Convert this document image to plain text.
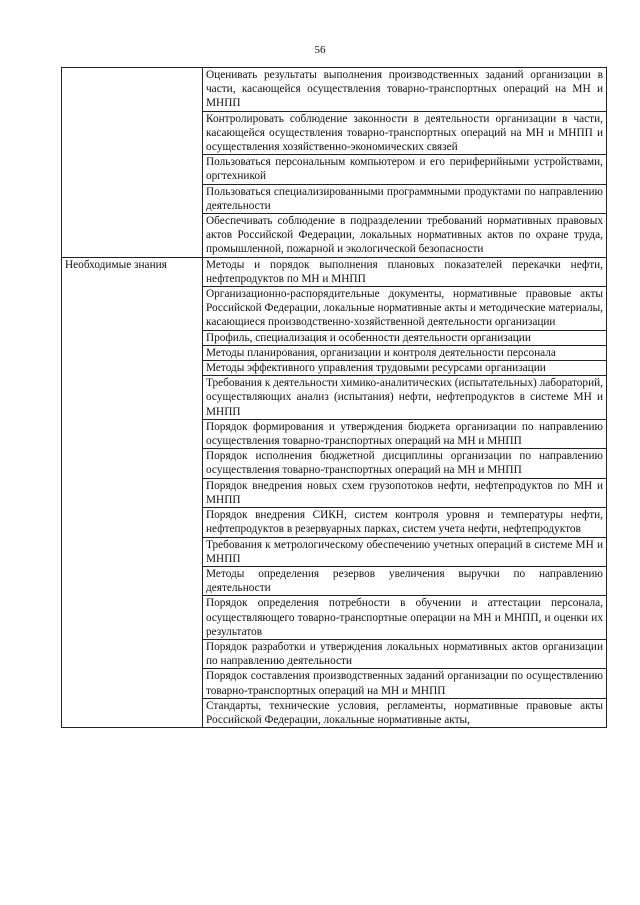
56
	Оценивать результаты выполнения производственных заданий организации в части, касающейся осуществления товарно-транспортных операций на МН и МНПП
	Контролировать соблюдение законности в деятельности организации в части, касающейся осуществления товарно-транспортных операций на МН и МНПП и осуществления хозяйственно-экономических связей
	Пользоваться персональным компьютером и его периферийными устройствами, оргтехникой
	Пользоваться специализированными программными продуктами по направлению деятельности
	Обеспечивать соблюдение в подразделении требований нормативных правовых актов Российской Федерации, локальных нормативных актов по охране труда, промышленной, пожарной и экологической безопасности
Необходимые знания	Методы и порядок выполнения плановых показателей перекачки нефти, нефтепродуктов по МН и МНПП
	Организационно-распорядительные документы, нормативные правовые акты Российской Федерации, локальные нормативные акты и методические материалы, касающиеся производственно-хозяйственной деятельности организации
	Профиль, специализация и особенности деятельности организации
	Методы планирования, организации и контроля деятельности персонала
	Методы эффективного управления трудовыми ресурсами организации
	Требования к деятельности химико-аналитических (испытательных) лабораторий, осуществляющих анализ (испытания) нефти, нефтепродуктов в системе МН и МНПП
	Порядок формирования и утверждения бюджета организации по направлению осуществления товарно-транспортных операций на МН и МНПП
	Порядок исполнения бюджетной дисциплины организации по направлению осуществления товарно-транспортных операций на МН и МНПП
	Порядок внедрения новых схем грузопотоков нефти, нефтепродуктов по МН и МНПП
	Порядок внедрения СИКН, систем контроля уровня и температуры нефти, нефтепродуктов в резервуарных парках, систем учета нефти, нефтепродуктов
	Требования к метрологическому обеспечению учетных операций в системе МН и МНПП
	Методы определения резервов увеличения выручки по направлению деятельности
	Порядок определения потребности в обучении и аттестации персонала, осуществляющего товарно-транспортные операции на МН и МНПП, и оценки их результатов
	Порядок разработки и утверждения локальных нормативных актов организации по направлению деятельности
	Порядок составления производственных заданий организации по осуществлению товарно-транспортных операций на МН и МНПП
	Стандарты, технические условия, регламенты, нормативные правовые акты Российской Федерации, локальные нормативные акты,
